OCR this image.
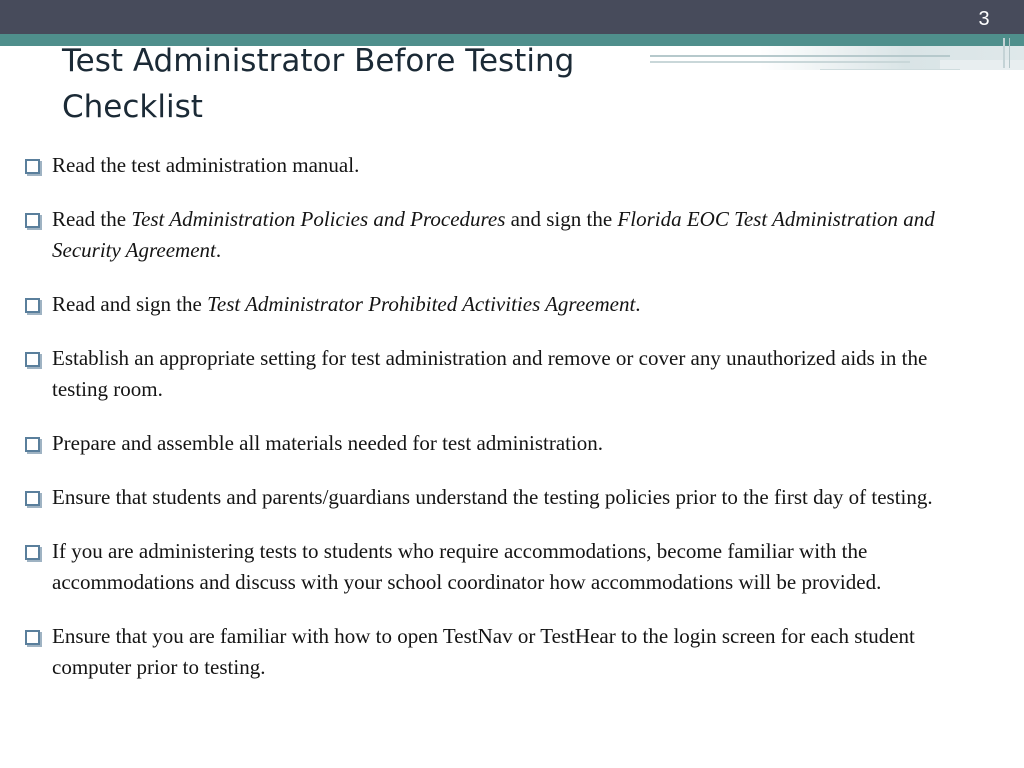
3
Test Administrator Before Testing Checklist
Read the test administration manual.
Read the Test Administration Policies and Procedures and sign the Florida EOC Test Administration and Security Agreement.
Read and sign the Test Administrator Prohibited Activities Agreement.
Establish an appropriate setting for test administration and remove or cover any unauthorized aids in the testing room.
Prepare and assemble all materials needed for test administration.
Ensure that students and parents/guardians understand the testing policies prior to the first day of testing.
If you are administering tests to students who require accommodations, become familiar with the accommodations and discuss with your school coordinator how accommodations will be provided.
Ensure that you are familiar with how to open TestNav or TestHear to the login screen for each student computer prior to testing.
